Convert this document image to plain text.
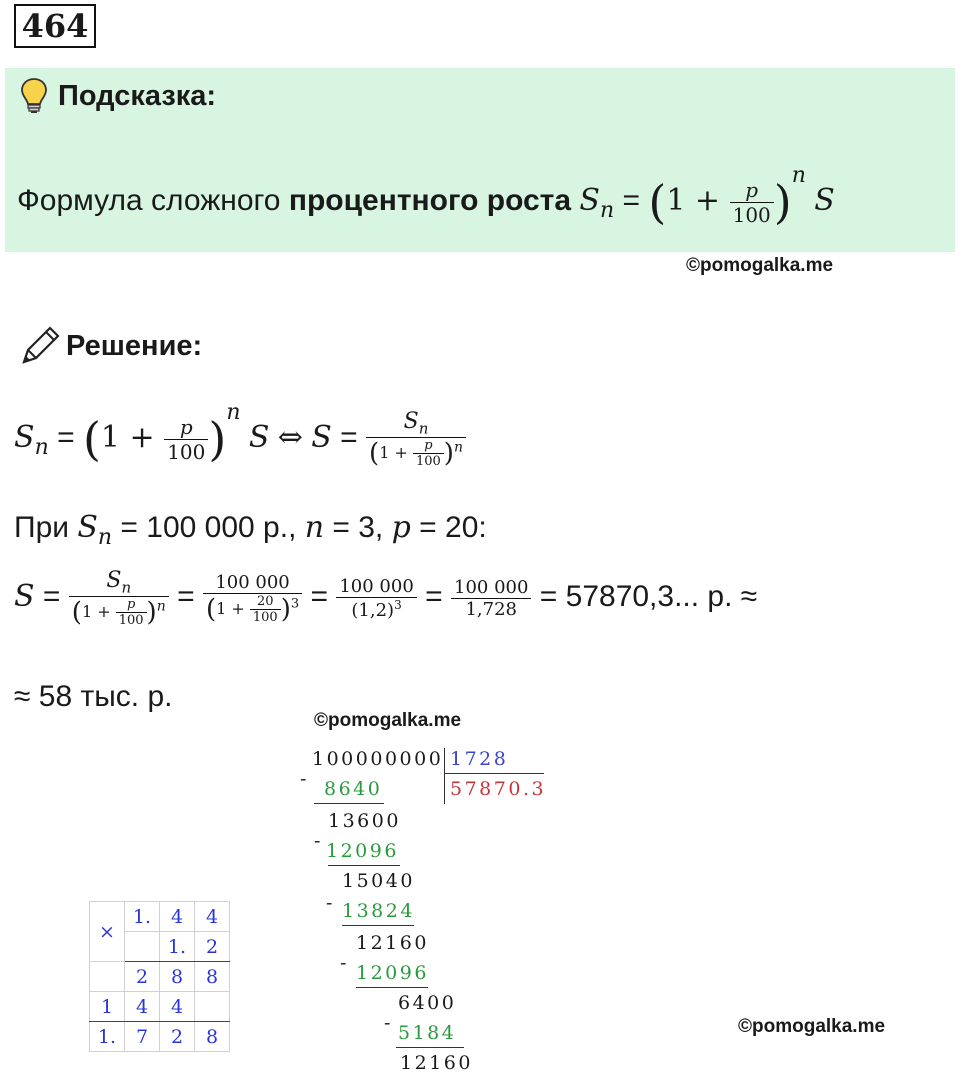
464
Подсказка:
Формула сложного процентного роста $S_n = (1 + \frac{p}{100} )^n$ S
©pomogalka.me
Решение:
$S_n = (1 + \frac{p}{100} )^n$ S ⇔ $S = \frac{S_n}{(1 + \frac{p}{100} )^n}$
При $S_n = 100$ 000 р., n = 3, p = 20:
$S = \frac{S_n}{(1 + \frac{p}{100} )^n} = \frac{100 000}{(1 + \frac{20}{100} )^3} = \frac{100 000}{(1,2)^3} = \frac{100 000}{1,728} = 57870,3$... р. ≈
≈ 58 тыс. р.
©pomogalka.me
100000000 1728
57870.3
- 8640
13600
- 12096
15040
- 13824
12160
- 12096
6400
- 5184
12160
×	1.	4	4
		1.	2
	2	8	8
1	4	4	
1.	7	2	8	©pomogalka.me
